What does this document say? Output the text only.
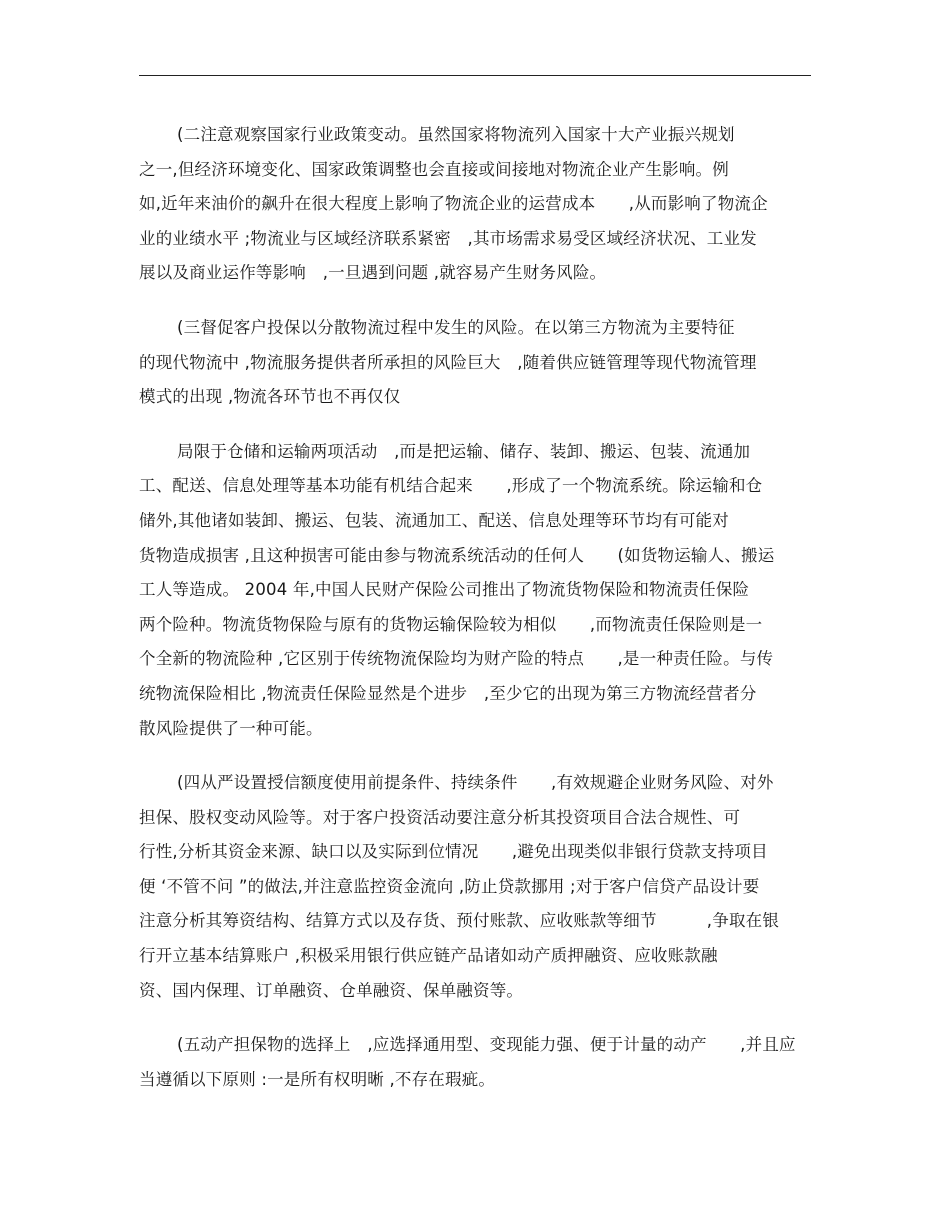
(二注意观察国家行业政策变动。虽然国家将物流列入国家十大产业振兴规划
之一,但经济环境变化、国家政策调整也会直接或间接地对物流企业产生影响。例
如,近年来油价的飙升在很大程度上影响了物流企业的运营成本　　,从而影响了物流企
业的业绩水平 ;物流业与区域经济联系紧密　,其市场需求易受区域经济状况、工业发
展以及商业运作等影响　,一旦遇到问题 ,就容易产生财务风险。
(三督促客户投保以分散物流过程中发生的风险。在以第三方物流为主要特征
的现代物流中 ,物流服务提供者所承担的风险巨大　,随着供应链管理等现代物流管理
模式的出现 ,物流各环节也不再仅仅
局限于仓储和运输两项活动　,而是把运输、储存、装卸、搬运、包装、流通加
工、配送、信息处理等基本功能有机结合起来　　,形成了一个物流系统。除运输和仓
储外,其他诸如装卸、搬运、包装、流通加工、配送、信息处理等环节均有可能对
货物造成损害 ,且这种损害可能由参与物流系统活动的任何人　　(如货物运输人、搬运
工人等造成。 2004 年,中国人民财产保险公司推出了物流货物保险和物流责任保险
两个险种。物流货物保险与原有的货物运输保险较为相似　　,而物流责任保险则是一
个全新的物流险种 ,它区别于传统物流保险均为财产险的特点　　,是一种责任险。与传
统物流保险相比 ,物流责任保险显然是个进步　,至少它的出现为第三方物流经营者分
散风险提供了一种可能。
(四从严设置授信额度使用前提条件、持续条件　　,有效规避企业财务风险、对外
担保、股权变动风险等。对于客户投资活动要注意分析其投资项目合法合规性、可
行性,分析其资金来源、缺口以及实际到位情况　　,避免出现类似非银行贷款支持项目
便 ‘不管不问 ”的做法,并注意监控资金流向 ,防止贷款挪用 ;对于客户信贷产品设计要
注意分析其筹资结构、结算方式以及存货、预付账款、应收账款等细节　　　,争取在银
行开立基本结算账户 ,积极采用银行供应链产品诸如动产质押融资、应收账款融
资、国内保理、订单融资、仓单融资、保单融资等。
(五动产担保物的选择上　,应选择通用型、变现能力强、便于计量的动产　　,并且应
当遵循以下原则 :一是所有权明晰 ,不存在瑕疵。
